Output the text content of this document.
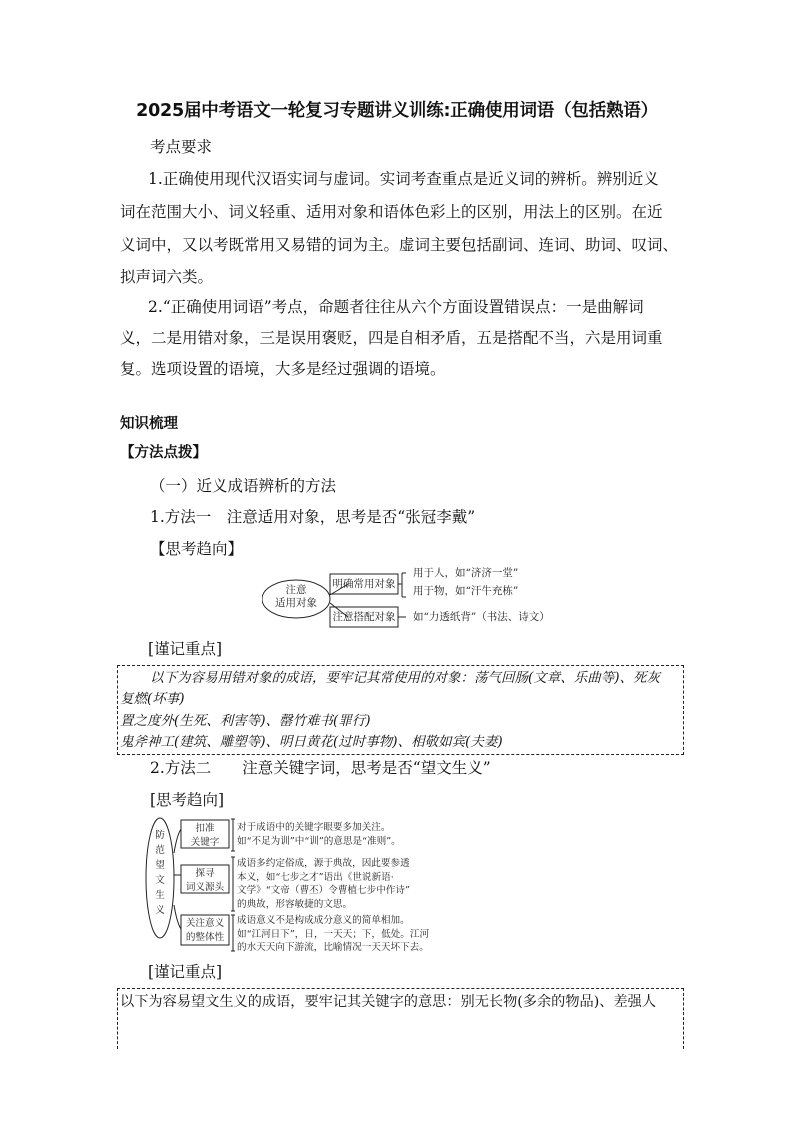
2025届中考语文一轮复习专题讲义训练:正确使用词语（包括熟语）
考点要求
1.正确使用现代汉语实词与虚词。实词考查重点是近义词的辨析。辨别近义
词在范围大小、词义轻重、适用对象和语体色彩上的区别，用法上的区别。在近
义词中，又以考既常用又易错的词为主。虚词主要包括副词、连词、助词、叹词、
拟声词六类。
2.“正确使用词语”考点，命题者往往从六个方面设置错误点：一是曲解词
义，二是用错对象，三是误用褒贬，四是自相矛盾，五是搭配不当，六是用词重
复。选项设置的语境，大多是经过强调的语境。
知识梳理
【方法点拨】
（一）近义成语辨析的方法
1.方法一　注意适用对象，思考是否“张冠李戴”
【思考趋向】
注意
适用对象
明确常用对象
注意搭配对象
用于人，如“济济一堂”
用于物，如“汗牛充栋”
如“力透纸背”（书法、诗文）
[谨记重点]
以下为容易用错对象的成语，要牢记其常使用的对象：荡气回肠(文章、乐曲等)、死灰
复燃(坏事)
置之度外(生死、利害等)、罄竹难书(罪行)
鬼斧神工(建筑、雕塑等)、明日黄花(过时事物)、相敬如宾(夫妻)
2.方法二　　注意关键字词，思考是否“望文生义”
[思考趋向]
防
范
望
文
生
义
扣准
关键字
探寻
词义源头
关注意义
的整体性
对于成语中的关键字眼要多加关注。
如“不足为训”中“训”的意思是“准则”。
成语多约定俗成，源于典故，因此要参透
本义，如“七步之才”语出《世说新语·
文学》“文帝（曹丕）令曹植七步中作诗”
的典故，形容敏捷的文思。
成语意义不是构成成分意义的简单相加。
如“江河日下”，日，一天天；下，低处。江河
的水天天向下游流，比喻情况一天天坏下去。
[谨记重点]
以下为容易望文生义的成语，要牢记其关键字的意思：别无长物(多余的物品)、差强人
